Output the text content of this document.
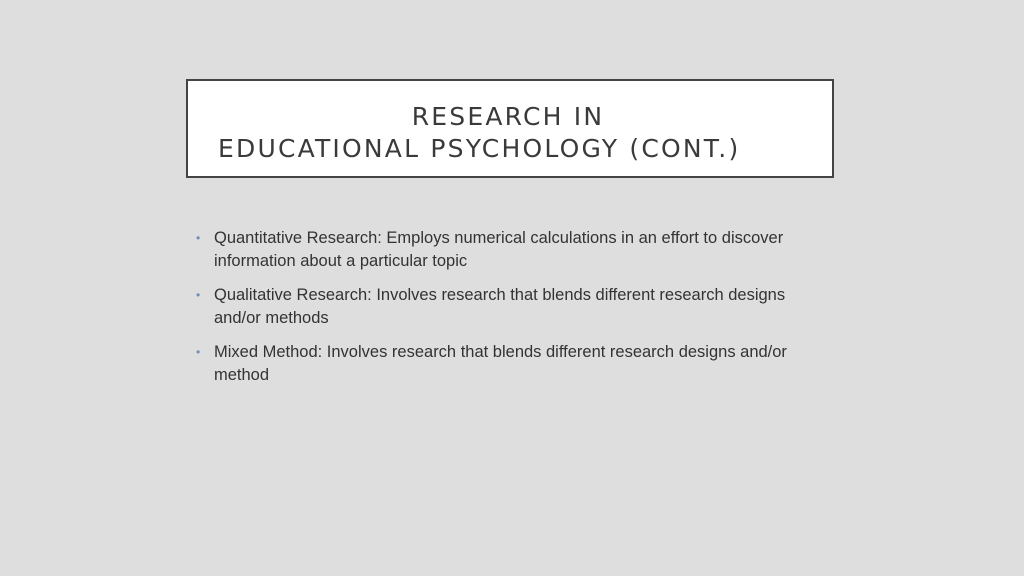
RESEARCH IN
EDUCATIONAL PSYCHOLOGY (CONT.)
• Quantitative Research: Employs numerical calculations in an effort to discover information about a particular topic
• Qualitative Research: Involves research that blends different research designs and/or methods
• Mixed Method: Involves research that blends different research designs and/or method
